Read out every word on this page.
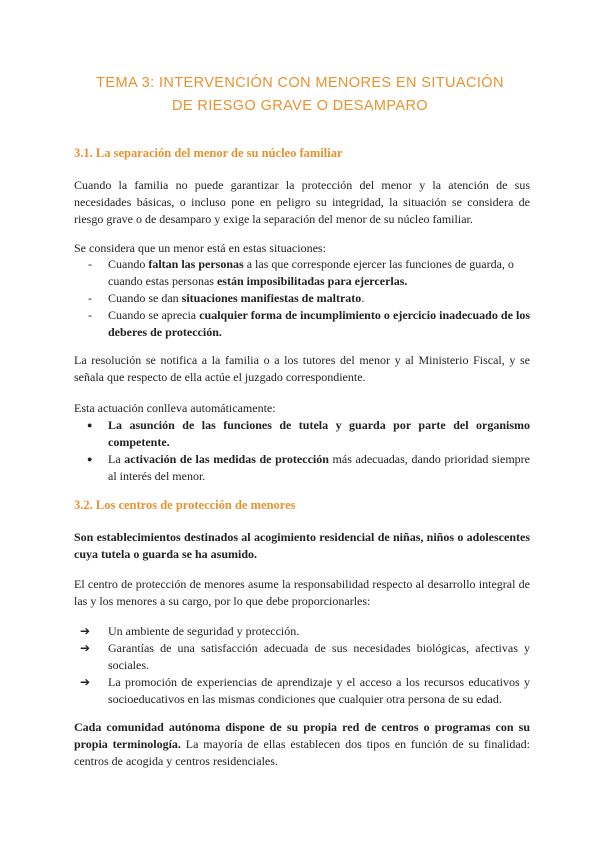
TEMA 3: INTERVENCIÓN CON MENORES EN SITUACIÓN
DE RIESGO GRAVE O DESAMPARO
3.1. La separación del menor de su núcleo familiar
Cuando la familia no puede garantizar la protección del menor y la atención de sus necesidades básicas, o incluso pone en peligro su integridad, la situación se considera de riesgo grave o de desamparo y exige la separación del menor de su núcleo familiar.
Se considera que un menor está en estas situaciones:
- Cuando faltan las personas a las que corresponde ejercer las funciones de guarda, o cuando estas personas están imposibilitadas para ejercerlas.
- Cuando se dan situaciones manifiestas de maltrato.
- Cuando se aprecia cualquier forma de incumplimiento o ejercicio inadecuado de los deberes de protección.
La resolución se notifica a la familia o a los tutores del menor y al Ministerio Fiscal, y se señala que respecto de ella actúe el juzgado correspondiente.
Esta actuación conlleva automáticamente:
● La asunción de las funciones de tutela y guarda por parte del organismo competente.
● La activación de las medidas de protección más adecuadas, dando prioridad siempre al interés del menor.
3.2. Los centros de protección de menores
Son establecimientos destinados al acogimiento residencial de niñas, niños o adolescentes cuya tutela o guarda se ha asumido.
El centro de protección de menores asume la responsabilidad respecto al desarrollo integral de las y los menores a su cargo, por lo que debe proporcionarles:
➔ Un ambiente de seguridad y protección.
➔ Garantías de una satisfacción adecuada de sus necesidades biológicas, afectivas y sociales.
➔ La promoción de experiencias de aprendizaje y el acceso a los recursos educativos y socioeducativos en las mismas condiciones que cualquier otra persona de su edad.
Cada comunidad autónoma dispone de su propia red de centros o programas con su propia terminología. La mayoría de ellas establecen dos tipos en función de su finalidad: centros de acogida y centros residenciales.
